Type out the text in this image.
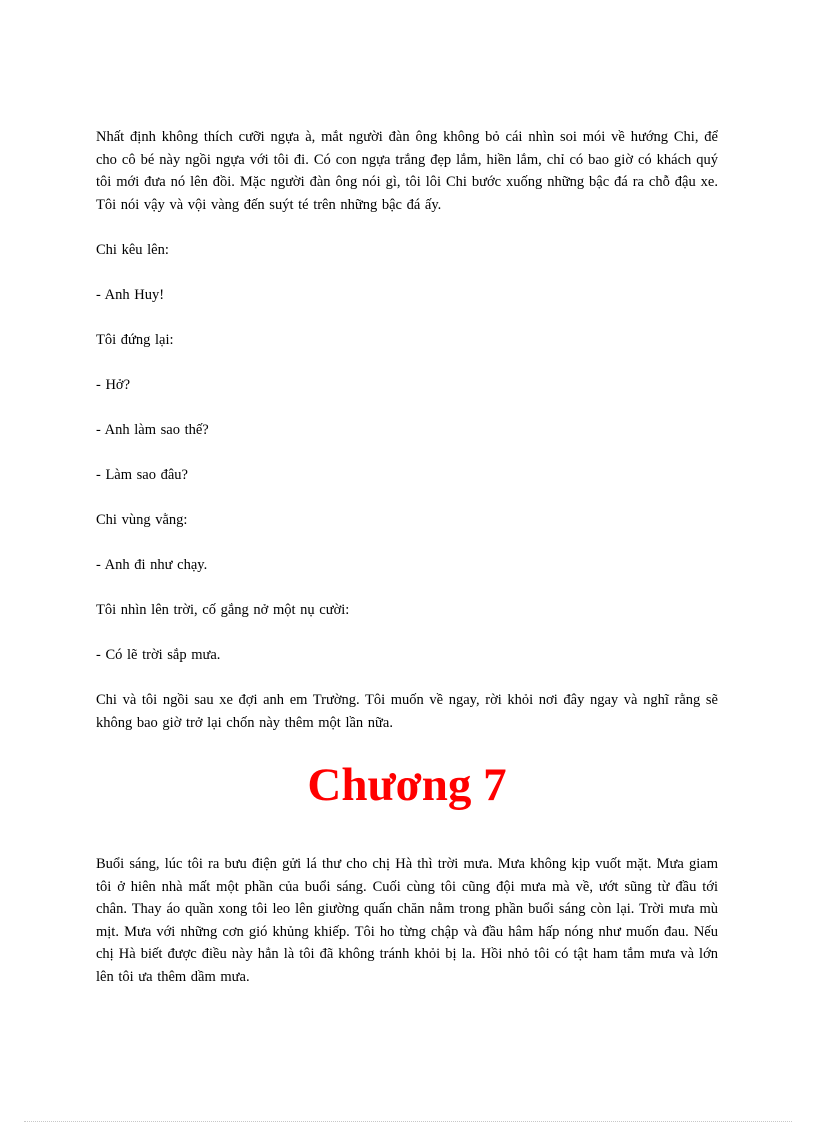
Nhất định không thích cưỡi ngựa à, mắt người đàn ông không bỏ cái nhìn soi mói về hướng Chi, để cho cô bé này ngồi ngựa với tôi đi. Có con ngựa trắng đẹp lắm, hiền lắm, chỉ có bao giờ có khách quý tôi mới đưa nó lên đồi. Mặc người đàn ông nói gì, tôi lôi Chi bước xuống những bậc đá ra chỗ đậu xe. Tôi nói vậy và vội vàng đến suýt té trên những bậc đá ấy.

Chi kêu lên:

- Anh Huy!

Tôi đứng lại:

- Hở?

- Anh làm sao thế?

- Làm sao đâu?

Chi vùng vằng:

- Anh đi như chạy.

Tôi nhìn lên trời, cố gắng nở một nụ cười:

- Có lẽ trời sắp mưa.

Chi và tôi ngồi sau xe đợi anh em Trường. Tôi muốn về ngay, rời khỏi nơi đây ngay và nghĩ rằng sẽ không bao giờ trở lại chốn này thêm một lần nữa.

Chương 7

Buổi sáng, lúc tôi ra bưu điện gửi lá thư cho chị Hà thì trời mưa. Mưa không kịp vuốt mặt. Mưa giam tôi ở hiên nhà mất một phần của buổi sáng. Cuối cùng tôi cũng đội mưa mà về, ướt sũng từ đầu tới chân. Thay áo quần xong tôi leo lên giường quấn chăn nằm trong phần buổi sáng còn lại. Trời mưa mù mịt. Mưa với những cơn gió khủng khiếp. Tôi ho từng chập và đầu hâm hấp nóng như muốn đau. Nếu chị Hà biết được điều này hẳn là tôi đã không tránh khỏi bị la. Hồi nhỏ tôi có tật ham tắm mưa và lớn lên tôi ưa thêm dầm mưa.
